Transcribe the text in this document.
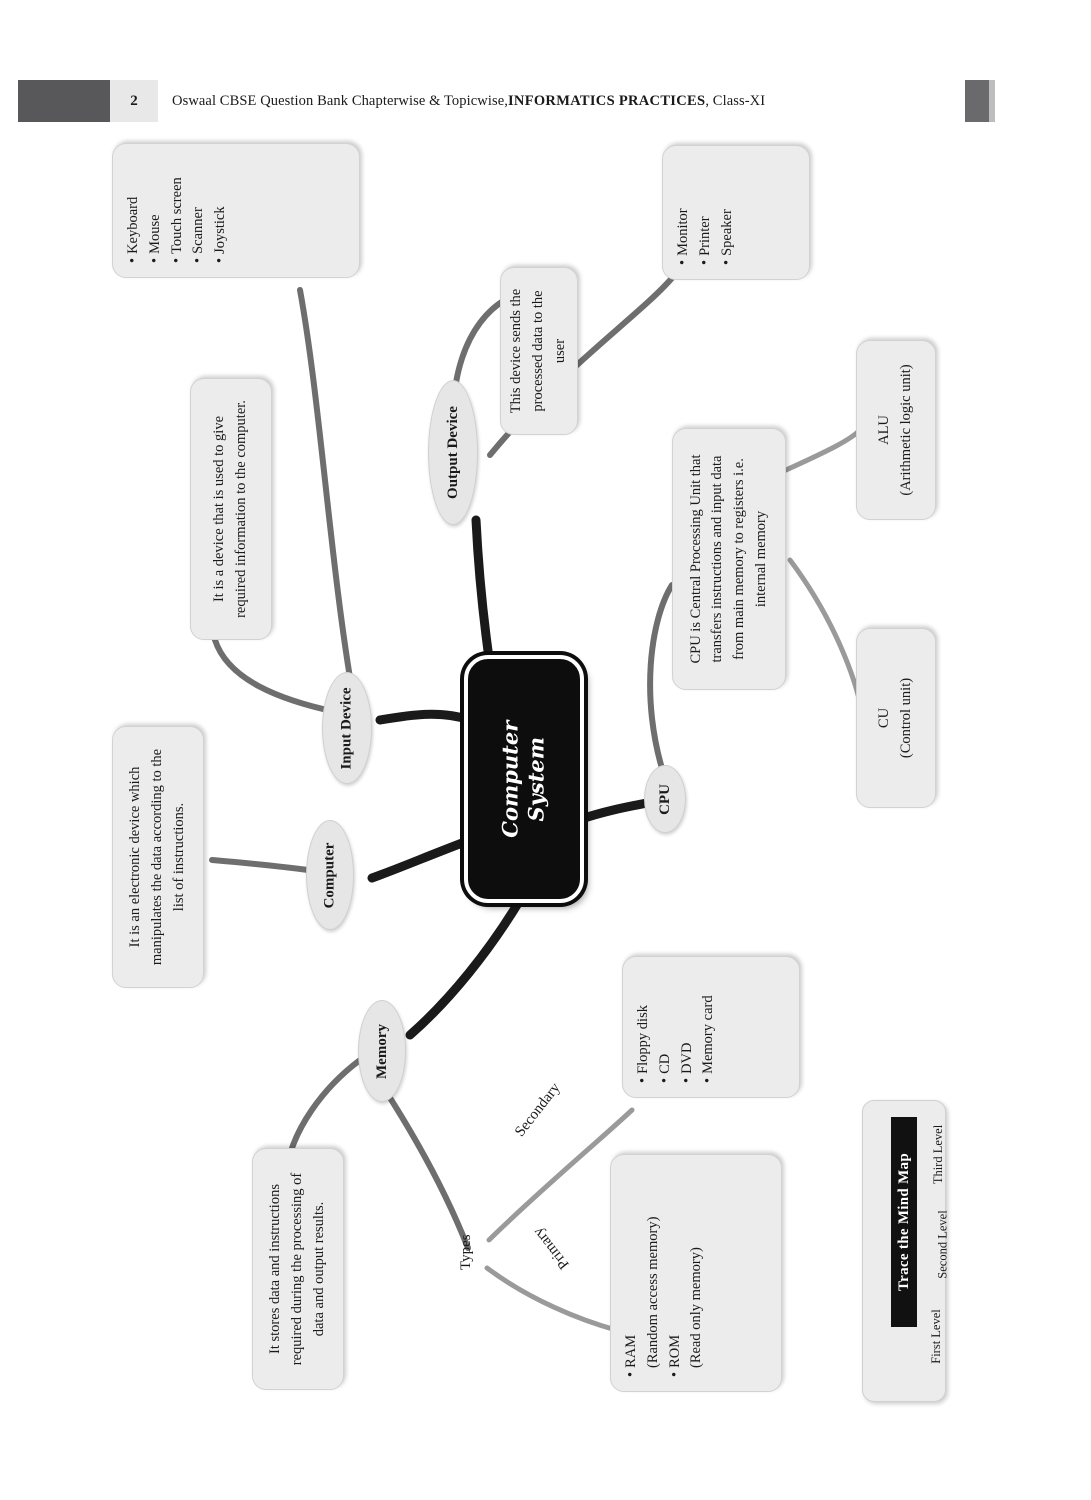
2 Oswaal CBSE Question Bank Chapterwise & Topicwise, INFORMATICS PRACTICES , Class-XI
Computer
System
Input Device
Output Device
Computer
CPU
Memory
• Keyboard • Mouse • Touch screen • Scanner • Joystick
It is a device that is used to give required information to the computer.
This device sends the processed data to the user
• Monitor • Printer • Speaker
It is an electronic device which manipulates the data according to the list of instructions.
CPU is Central Processing Unit that transfers instructions and input data from main memory to registers i.e. internal memory
ALU (Arithmetic logic unit)
CU (Control unit)
It stores data and instructions required during the processing of data and output results.	Types
Secondary
Primary
• Floppy disk • CD • DVD • Memory card
• RAM (Random access memory) • ROM (Read only memory)
Trace the Mind Map
First Level
Second Level
Third Level
